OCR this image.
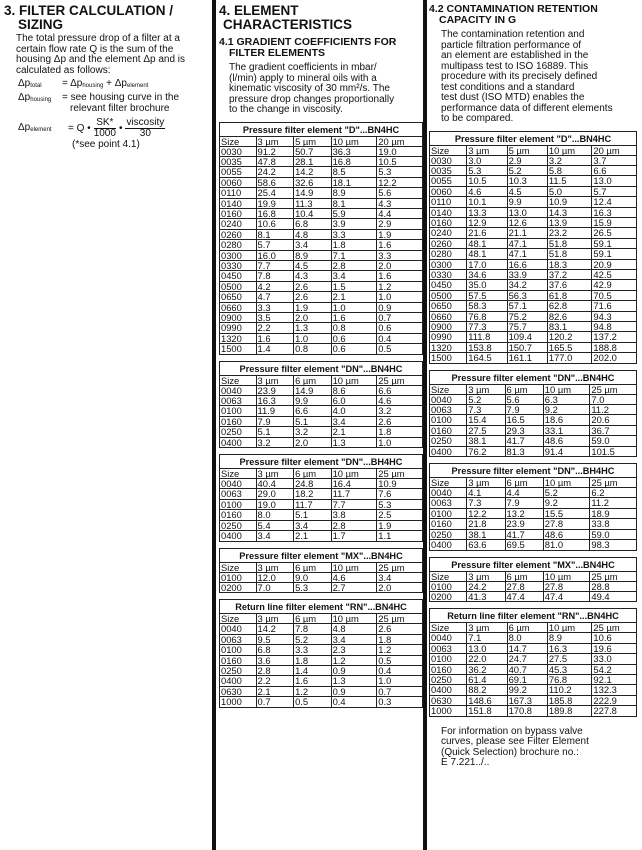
3. FILTER CALCULATION /
SIZING

The total pressure drop of a filter at a

certain flow rate Q is the sum of the

housing Δp and the element Δp and is

calculated as follows:

$\Delta p_{total}$	= $\Delta p_{housing} + \Delta p_{element}$
$\Delta p_{housing}$	= see housing curve in the
relevant filter brochure
$\Delta p_{element}$	= Q • $\frac{SK*}{1000}$ • $\frac{\text{viscosity}}{30}$
(*see point 4.1)
4. ELEMENT
CHARACTERISTICS
4.1 GRADIENT COEFFICIENTS FOR
FILTER ELEMENTS

The gradient coefficients in mbar/

(l/min) apply to mineral oils with a

kinematic viscosity of 30 mm²/s. The

pressure drop changes proportionally

to the change in viscosity.

Pressure filter element "D"...BN4HC
Size	3 µm	5 µm	10 µm	20 µm
0030	91.2	50.7	36.3	19.0
0035	47.8	28.1	16.8	10.5
0055	24.2	14.2	8.5	5.3
0060	58.6	32.6	18.1	12.2
0110	25.4	14.9	8.9	5.6
0140	19.9	11.3	8.1	4.3
0160	16.8	10.4	5.9	4.4
0240	10.6	6.8	3.9	2.9
0260	8.1	4.8	3.3	1.9
0280	5.7	3.4	1.8	1.6
0300	16.0	8.9	7.1	3.3
0330	7.7	4.5	2.8	2.0
0450	7.8	4.3	3.4	1.6
0500	4.2	2.6	1.5	1.2
0650	4.7	2.6	2.1	1.0
0660	3.3	1.9	1.0	0.9
0900	3.5	2.0	1.6	0.7
0990	2.2	1.3	0.8	0.6
1320	1.6	1.0	0.6	0.4
1500	1.4	0.8	0.6	0.5
Pressure filter element "DN"...BN4HC
Size	3 µm	6 µm	10 µm	25 µm
0040	23.9	14.9	8.6	6.6
0063	16.3	9.9	6.0	4.6
0100	11.9	6.6	4.0	3.2
0160	7.9	5.1	3.4	2.6
0250	5.1	3.2	2.1	1.8
0400	3.2	2.0	1.3	1.0
Pressure filter element "DN"...BH4HC
Size	3 µm	6 µm	10 µm	25 µm
0040	40.4	24.8	16.4	10.9
0063	29.0	18.2	11.7	7.6
0100	19.0	11.7	7.7	5.3
0160	8.0	5.1	3.8	2.5
0250	5.4	3.4	2.8	1.9
0400	3.4	2.1	1.7	1.1
Pressure filter element "MX"...BN4HC
Size	3 µm	6 µm	10 µm	25 µm
0100	12.0	9.0	4.6	3.4
0200	7.0	5.3	2.7	2.0
Return line filter element "RN"...BN4HC
Size	3 µm	6 µm	10 µm	25 µm
0040	14.2	7.8	4.8	2.6
0063	9.5	5.2	3.4	1.8
0100	6.8	3.3	2.3	1.2
0160	3.6	1.8	1.2	0.5
0250	2.8	1.4	0.9	0.4
0400	2.2	1.6	1.3	1.0
0630	2.1	1.2	0.9	0.7
1000	0.7	0.5	0.4	0.3
4.2 CONTAMINATION RETENTION
CAPACITY IN G

The contamination retention and

particle filtration performance of

an element are established in the

multipass test to ISO 16889. This

procedure with its precisely defined

test conditions and a standard

test dust (ISO MTD) enables the

performance data of different elements

to be compared.

Pressure filter element "D"...BN4HC
Size	3 µm	5 µm	10 µm	20 µm
0030	3.0	2.9	3.2	3.7
0035	5.3	5.2	5.8	6.6
0055	10.5	10.3	11.5	13.0
0060	4.6	4.5	5.0	5.7
0110	10.1	9.9	10.9	12.4
0140	13.3	13.0	14.3	16.3
0160	12.9	12.6	13.9	15.9
0240	21.6	21.1	23.2	26.5
0260	48.1	47.1	51.8	59.1
0280	48.1	47.1	51.8	59.1
0300	17.0	16.6	18.3	20.9
0330	34.6	33.9	37.2	42.5
0450	35.0	34.2	37.6	42.9
0500	57.5	56.3	61.8	70.5
0650	58.3	57.1	62.8	71.6
0660	76.8	75.2	82.6	94.3
0900	77.3	75.7	83.1	94.8
0990	111.8	109.4	120.2	137.2
1320	153.8	150.7	165.5	188.8
1500	164.5	161.1	177.0	202.0
Pressure filter element "DN"...BN4HC
Size	3 µm	6 µm	10 µm	25 µm
0040	5.2	5.6	6.3	7.0
0063	7.3	7.9	9.2	11.2
0100	15.4	16.5	18.6	20.6
0160	27.5	29.3	33.1	36.7
0250	38.1	41.7	48.6	59.0
0400	76.2	81.3	91.4	101.5
Pressure filter element "DN"...BH4HC
Size	3 µm	6 µm	10 µm	25 µm
0040	4.1	4.4	5.2	6.2
0063	7.3	7.9	9.2	11.2
0100	12.2	13.2	15.5	18.9
0160	21.8	23.9	27.8	33.8
0250	38.1	41.7	48.6	59.0
0400	63.6	69.5	81.0	98.3
Pressure filter element "MX"...BN4HC
Size	3 µm	6 µm	10 µm	25 µm
0100	24.2	27.8	27.8	28.8
0200	41.3	47.4	47.4	49.4
Return line filter element "RN"...BN4HC
Size	3 µm	6 µm	10 µm	25 µm
0040	7.1	8.0	8.9	10.6
0063	13.0	14.7	16.3	19.6
0100	22.0	24.7	27.5	33.0
0160	36.2	40.7	45.3	54.2
0250	61.4	69.1	76.8	92.1
0400	88.2	99.2	110.2	132.3
0630	148.6	167.3	185.8	222.9
1000	151.8	170.8	189.8	227.8

For information on bypass valve

curves, please see Filter Element

(Quick Selection) brochure no.:

E 7.221../..
